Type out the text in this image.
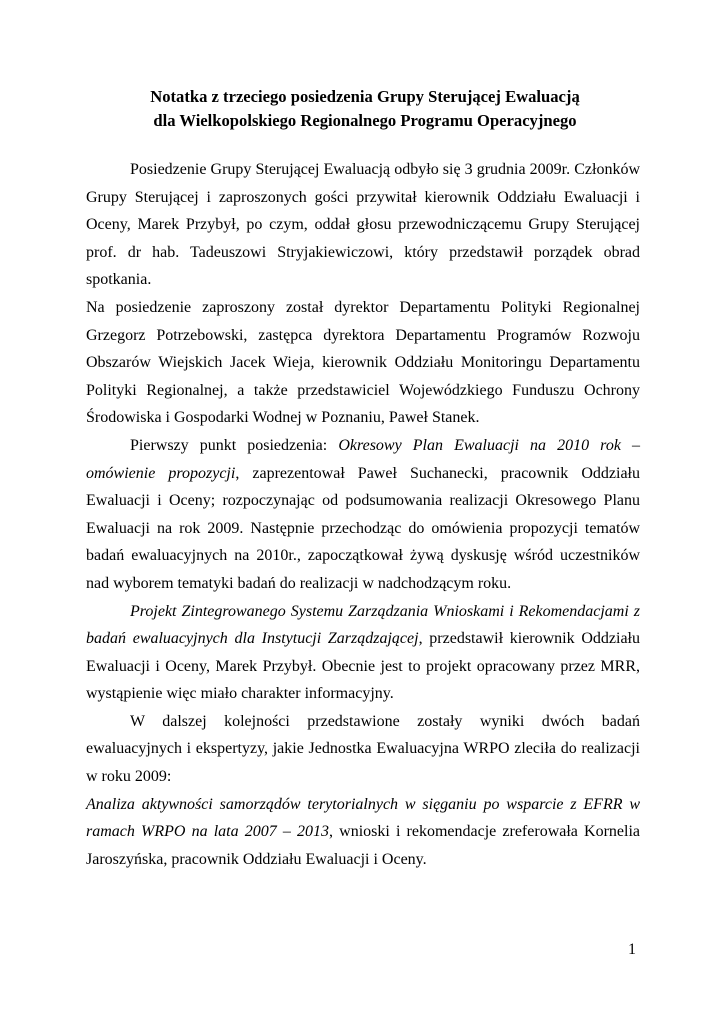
Notatka z trzeciego posiedzenia Grupy Sterującej Ewaluacją
dla Wielkopolskiego Regionalnego Programu Operacyjnego

Posiedzenie Grupy Sterującej Ewaluacją odbyło się 3 grudnia 2009r. Członków Grupy Sterującej i zaproszonych gości przywitał kierownik Oddziału Ewaluacji i Oceny, Marek Przybył, po czym, oddał głosu przewodniczącemu Grupy Sterującej prof. dr hab. Tadeuszowi Stryjakiewiczowi, który przedstawił porządek obrad spotkania.

Na posiedzenie zaproszony został dyrektor Departamentu Polityki Regionalnej Grzegorz Potrzebowski, zastępca dyrektora Departamentu Programów Rozwoju Obszarów Wiejskich Jacek Wieja, kierownik Oddziału Monitoringu Departamentu Polityki Regionalnej, a także przedstawiciel Wojewódzkiego Funduszu Ochrony Środowiska i Gospodarki Wodnej w Poznaniu, Paweł Stanek.

Pierwszy punkt posiedzenia: Okresowy Plan Ewaluacji na 2010 rok – omówienie propozycji, zaprezentował Paweł Suchanecki, pracownik Oddziału Ewaluacji i Oceny; rozpoczynając od podsumowania realizacji Okresowego Planu Ewaluacji na rok 2009. Następnie przechodząc do omówienia propozycji tematów badań ewaluacyjnych na 2010r., zapoczątkował żywą dyskusję wśród uczestników nad wyborem tematyki badań do realizacji w nadchodzącym roku.

Projekt Zintegrowanego Systemu Zarządzania Wnioskami i Rekomendacjami z badań ewaluacyjnych dla Instytucji Zarządzającej, przedstawił kierownik Oddziału Ewaluacji i Oceny, Marek Przybył. Obecnie jest to projekt opracowany przez MRR, wystąpienie więc miało charakter informacyjny.

W dalszej kolejności przedstawione zostały wyniki dwóch badań ewaluacyjnych i ekspertyzy, jakie Jednostka Ewaluacyjna WRPO zleciła do realizacji w roku 2009:

Analiza aktywności samorządów terytorialnych w sięganiu po wsparcie z EFRR w ramach WRPO na lata 2007 – 2013, wnioski i rekomendacje zreferowała Kornelia Jaroszyńska, pracownik Oddziału Ewaluacji i Oceny.

1
